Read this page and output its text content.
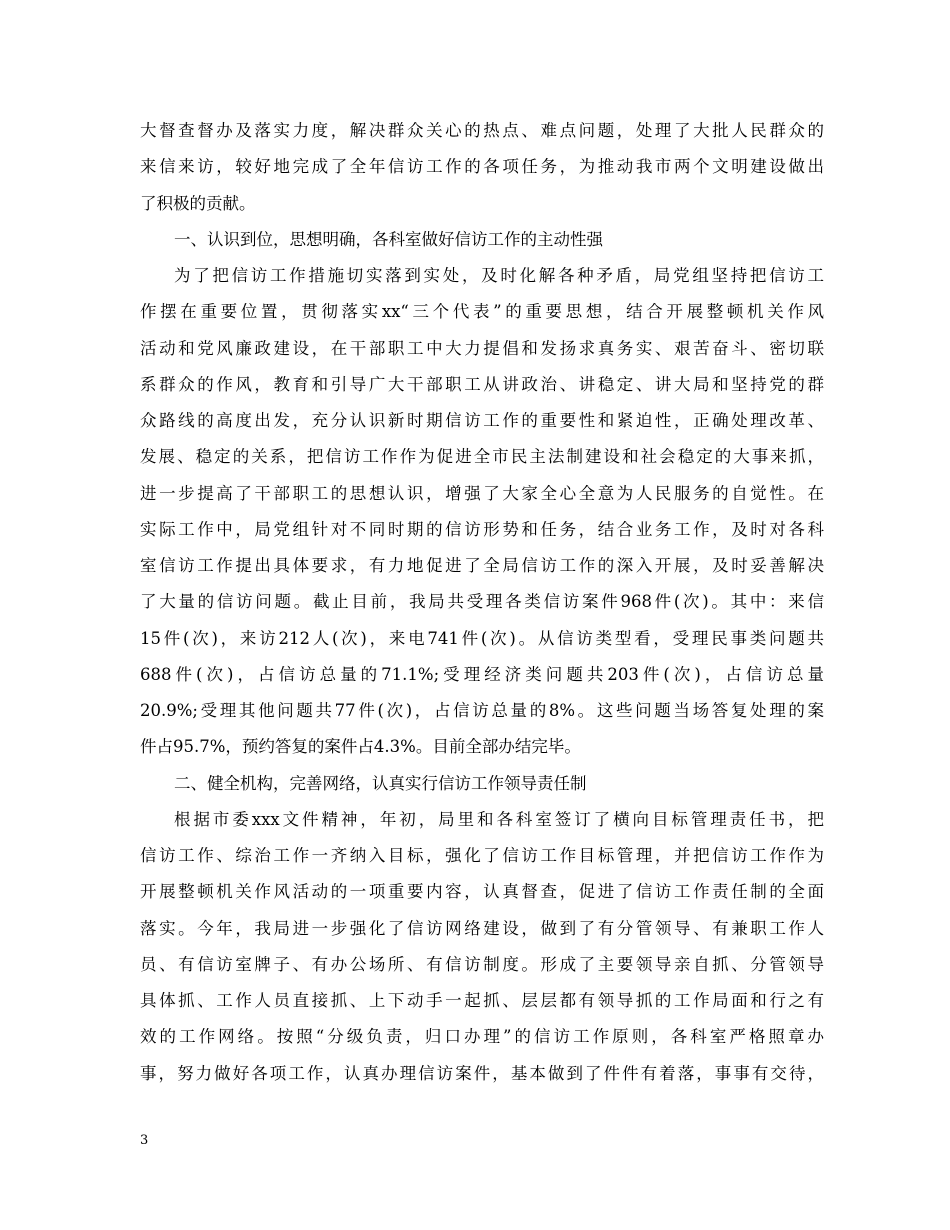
大督查督办及落实力度，解决群众关心的热点、难点问题，处理了大批人民群众的
来信来访，较好地完成了全年信访工作的各项任务，为推动我市两个文明建设做出
了积极的贡献。
一、认识到位，思想明确，各科室做好信访工作的主动性强
为了把信访工作措施切实落到实处，及时化解各种矛盾，局党组坚持把信访工
作摆在重要位置，贯彻落实xx“三个代表”的重要思想，结合开展整顿机关作风
活动和党风廉政建设，在干部职工中大力提倡和发扬求真务实、艰苦奋斗、密切联
系群众的作风，教育和引导广大干部职工从讲政治、讲稳定、讲大局和坚持党的群
众路线的高度出发，充分认识新时期信访工作的重要性和紧迫性，正确处理改革、
发展、稳定的关系，把信访工作作为促进全市民主法制建设和社会稳定的大事来抓，
进一步提高了干部职工的思想认识，增强了大家全心全意为人民服务的自觉性。在
实际工作中，局党组针对不同时期的信访形势和任务，结合业务工作，及时对各科
室信访工作提出具体要求，有力地促进了全局信访工作的深入开展，及时妥善解决
了大量的信访问题。截止目前，我局共受理各类信访案件968件(次)。其中：来信
15件(次)，来访212人(次)，来电741件(次)。从信访类型看，受理民事类问题共
688件(次)，占信访总量的71.1%;受理经济类问题共203件(次)，占信访总量
20.9%;受理其他问题共77件(次)，占信访总量的8%。这些问题当场答复处理的案
件占95.7%，预约答复的案件占4.3%。目前全部办结完毕。
二、健全机构，完善网络，认真实行信访工作领导责任制
根据市委xxx文件精神，年初，局里和各科室签订了横向目标管理责任书，把
信访工作、综治工作一齐纳入目标，强化了信访工作目标管理，并把信访工作作为
开展整顿机关作风活动的一项重要内容，认真督查，促进了信访工作责任制的全面
落实。今年，我局进一步强化了信访网络建设，做到了有分管领导、有兼职工作人
员、有信访室牌子、有办公场所、有信访制度。形成了主要领导亲自抓、分管领导
具体抓、工作人员直接抓、上下动手一起抓、层层都有领导抓的工作局面和行之有
效的工作网络。按照“分级负责，归口办理”的信访工作原则，各科室严格照章办
事，努力做好各项工作，认真办理信访案件，基本做到了件件有着落，事事有交待，
3
